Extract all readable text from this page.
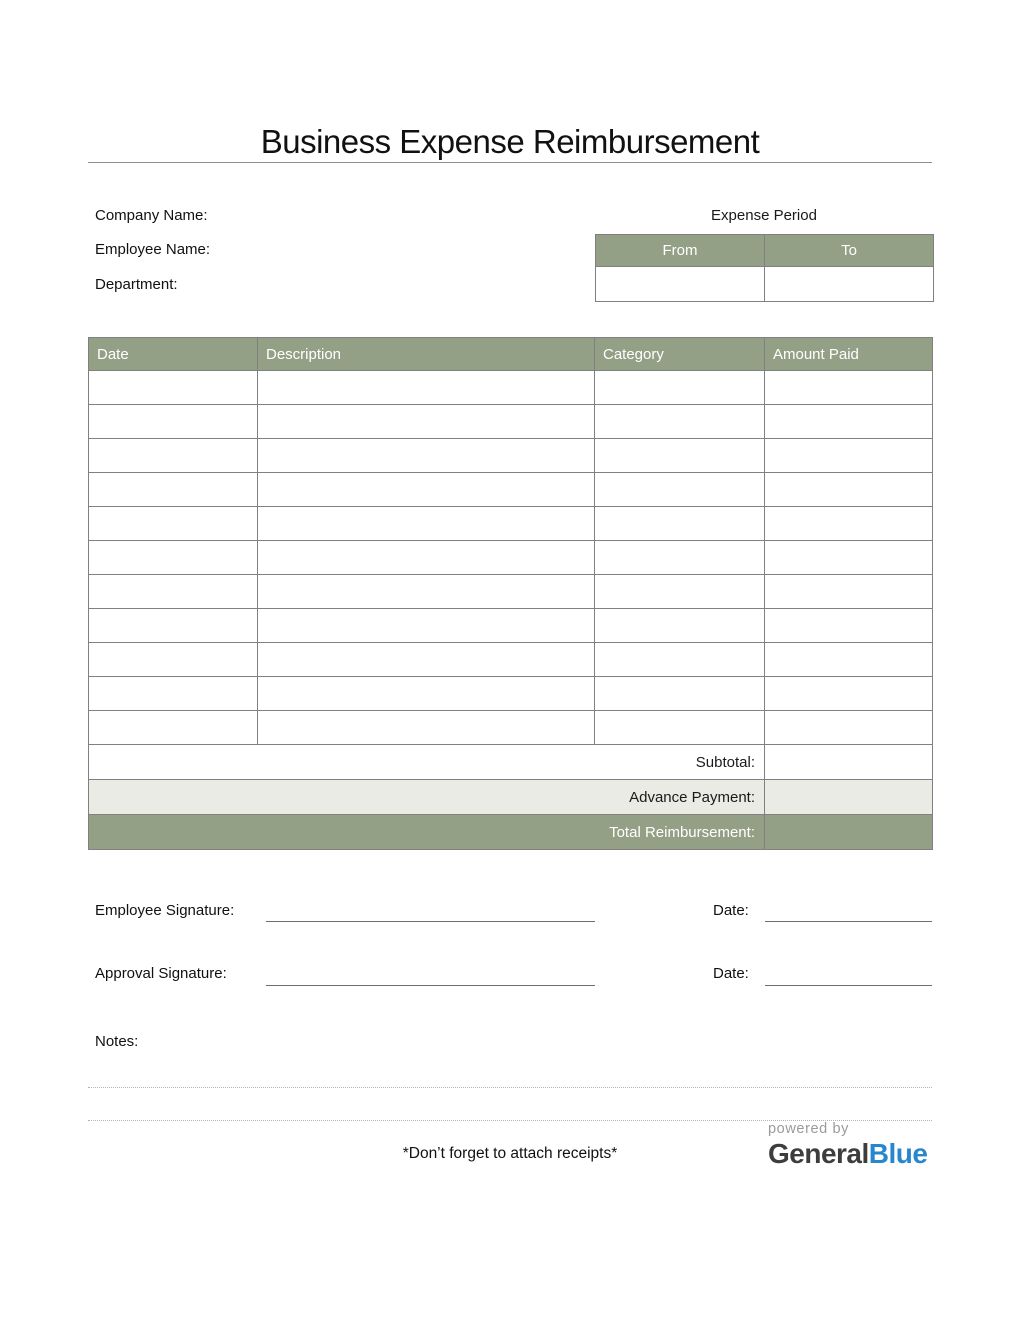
Business Expense Reimbursement
Company Name:
Employee Name:
Department:
Expense Period
From	To

Date	Description	Category	Amount Paid

Subtotal:			
Advance Payment:			
Total Reimbursement:			
Employee Signature:	Date:
Approval Signature:	Date:
Notes:
*Don’t forget to attach receipts*
powered by
GeneralBlue
